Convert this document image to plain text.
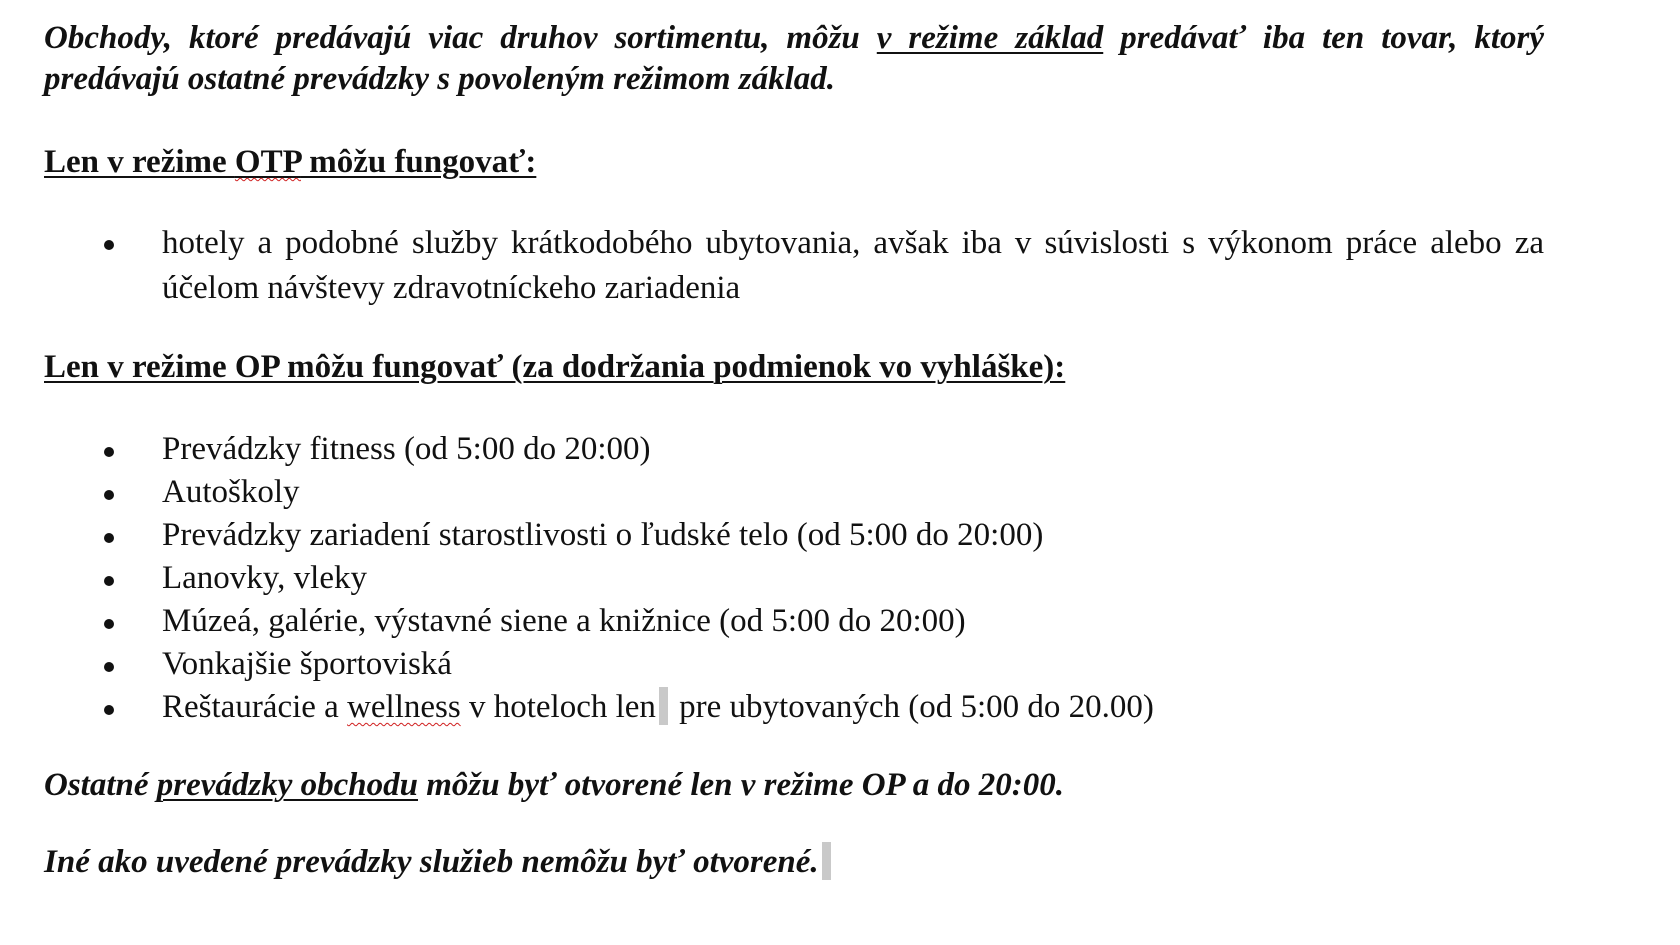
Obchody, ktoré predávajú viac druhov sortimentu, môžu v režime základ predávať iba ten tovar, ktorý predávajú ostatné prevádzky s povoleným režimom základ.

Len v režime OTP môžu fungovať:

hotely a podobné služby krátkodobého ubytovania, avšak iba v súvislosti s výkonom práce alebo za účelom návštevy zdravotníckeho zariadenia

Len v režime OP môžu fungovať (za dodržania podmienok vo vyhláške):

Prevádzky fitness (od 5:00 do 20:00)
Autoškoly
Prevádzky zariadení starostlivosti o ľudské telo (od 5:00 do 20:00)
Lanovky, vleky
Múzeá, galérie, výstavné siene a knižnice (od 5:00 do 20:00)
Vonkajšie športoviská
Reštaurácie a wellness v hoteloch len pre ubytovaných (od 5:00 do 20.00)

Ostatné prevádzky obchodu môžu byť otvorené len v režime OP a do 20:00.

Iné ako uvedené prevádzky služieb nemôžu byť otvorené.
